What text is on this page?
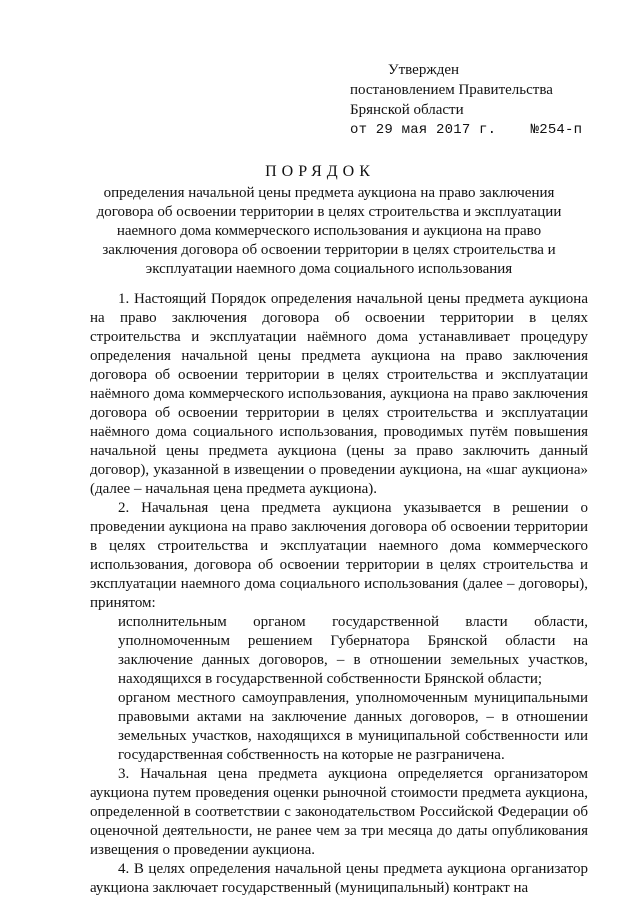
Утвержден
постановлением Правительства
Брянской области
от 29 мая 2017 г.    №254-п
ПОРЯДОК
определения начальной цены предмета аукциона на право заключения договора об освоении территории в целях строительства и эксплуатации наемного дома коммерческого использования и аукциона на право заключения договора об освоении территории в целях строительства и эксплуатации наемного дома социального использования

1. Настоящий Порядок определения начальной цены предмета аукциона на право заключения договора об освоении территории в целях строительства и эксплуатации наёмного дома устанавливает процедуру определения начальной цены предмета аукциона на право заключения договора об освоении территории в целях строительства и эксплуатации наёмного дома коммерческого использования, аукциона на право заключения договора об освоении территории в целях строительства и эксплуатации наёмного дома социального использования, проводимых путём повышения начальной цены предмета аукциона (цены за право заключить данный договор), указанной в извещении о проведении аукциона, на «шаг аукциона» (далее – начальная цена предмета аукциона).

2. Начальная цена предмета аукциона указывается в решении о проведении аукциона на право заключения договора об освоении территории в целях строительства и эксплуатации наемного дома коммерческого использования, договора об освоении территории в целях строительства и эксплуатации наемного дома социального использования (далее – договоры), принятом:

исполнительным органом государственной власти области, уполномоченным решением Губернатора Брянской области на заключение данных договоров, – в отношении земельных участков, находящихся в государственной собственности Брянской области;

органом местного самоуправления, уполномоченным муниципальными правовыми актами на заключение данных договоров, – в отношении земельных участков, находящихся в муниципальной собственности или государственная собственность на которые не разграничена.

3. Начальная цена предмета аукциона определяется организатором аукциона путем проведения оценки рыночной стоимости предмета аукциона, определенной в соответствии с законодательством Российской Федерации об оценочной деятельности, не ранее чем за три месяца до даты опубликования извещения о проведении аукциона.

4. В целях определения начальной цены предмета аукциона организатор аукциона заключает государственный (муниципальный) контракт на
